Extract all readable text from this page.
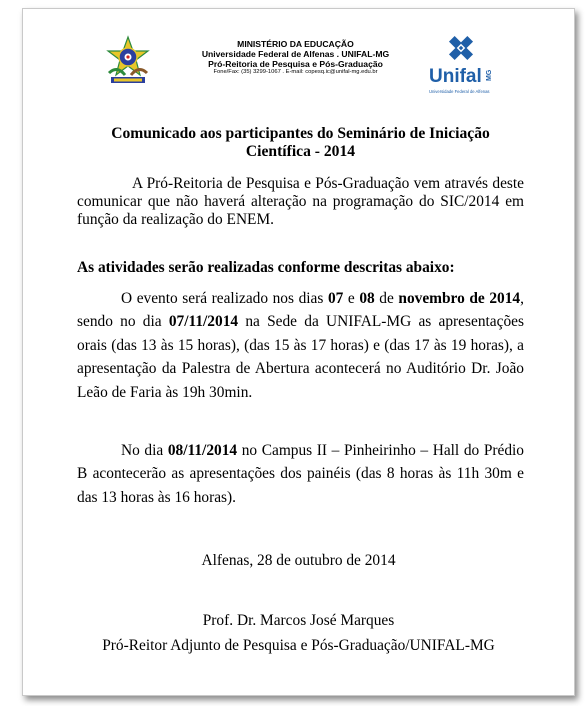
MINISTÉRIO DA EDUCAÇÃO
Universidade Federal de Alfenas . UNIFAL-MG
Pró-Reitoria de Pesquisa e Pós-Graduação
Fone/Fax: (35) 3299-1067 . E-mail: copesq.ic@unifal-mg.edu.br	Unifal MG
Universidade Federal de Alfenas
Comunicado aos participantes do Seminário de Iniciação Científica - 2014
A Pró-Reitoria de Pesquisa e Pós-Graduação vem através deste comunicar que não haverá alteração na programação do SIC/2014 em função da realização do ENEM.
As atividades serão realizadas conforme descritas abaixo:
O evento será realizado nos dias 07 e 08 de novembro de 2014, sendo no dia 07/11/2014 na Sede da UNIFAL-MG as apresentações orais (das 13 às 15 horas), (das 15 às 17 horas) e (das 17 às 19 horas), a apresentação da Palestra de Abertura acontecerá no Auditório Dr. João Leão de Faria às 19h 30min.
No dia 08/11/2014 no Campus II – Pinheirinho – Hall do Prédio B acontecerão as apresentações dos painéis (das 8 horas às 11h 30m e das 13 horas às 16 horas).
Alfenas, 28 de outubro de 2014
Prof. Dr. Marcos José Marques
Pró-Reitor Adjunto de Pesquisa e Pós-Graduação/UNIFAL-MG
